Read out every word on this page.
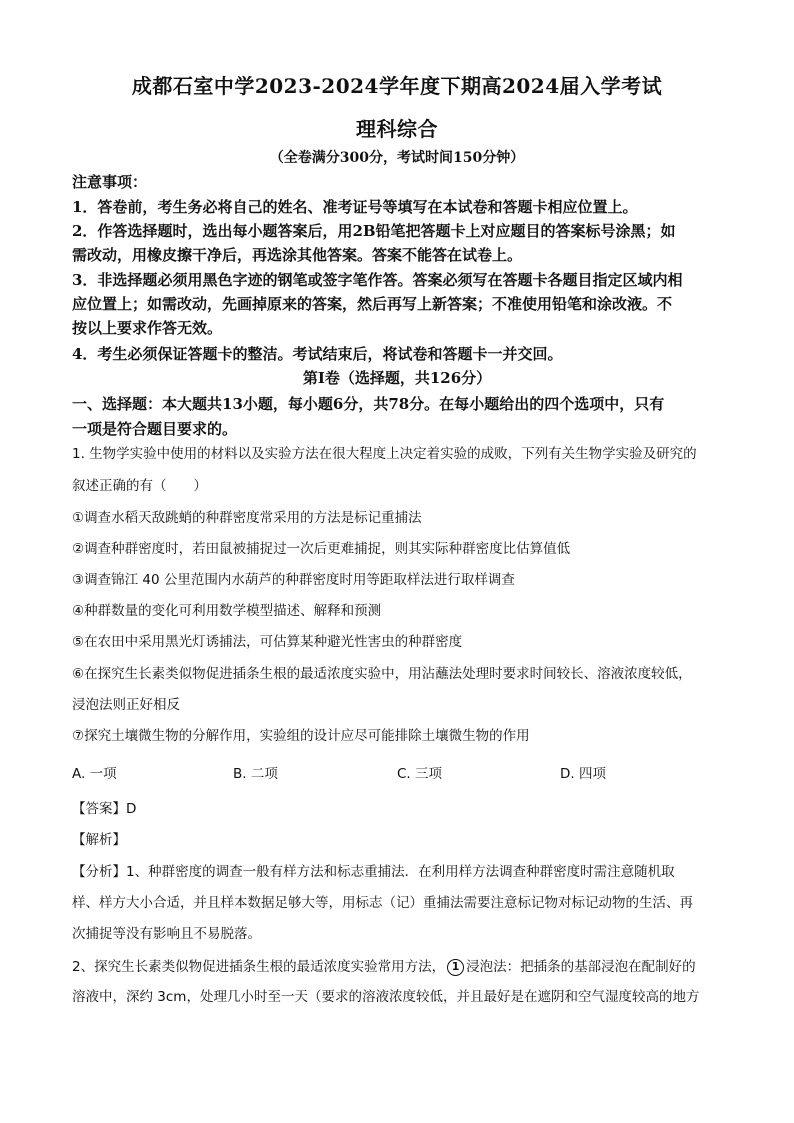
成都石室中学2023-2024学年度下期高2024届入学考试
理科综合
（全卷满分300分，考试时间150分钟）
注意事项：
1．答卷前，考生务必将自己的姓名、准考证号等填写在本试卷和答题卡相应位置上。
2．作答选择题时，选出每小题答案后，用2B铅笔把答题卡上对应题目的答案标号涂黑；如
需改动，用橡皮擦干净后，再选涂其他答案。答案不能答在试卷上。
3．非选择题必须用黑色字迹的钢笔或签字笔作答。答案必须写在答题卡各题目指定区域内相
应位置上；如需改动，先画掉原来的答案，然后再写上新答案；不准使用铅笔和涂改液。不
按以上要求作答无效。
4．考生必须保证答题卡的整洁。考试结束后，将试卷和答题卡一并交回。
第Ⅰ卷（选择题，共126分）
一、选择题：本大题共13小题，每小题6分，共78分。在每小题给出的四个选项中，只有
一项是符合题目要求的。
1. 生物学实验中使用的材料以及实验方法在很大程度上决定着实验的成败，下列有关生物学实验及研究的
叙述正确的有（　　）
①调查水稻天敌跳蛸的种群密度常采用的方法是标记重捕法
②调查种群密度时，若田鼠被捕捉过一次后更难捕捉，则其实际种群密度比估算值低
③调查锦江 40 公里范围内水葫芦的种群密度时用等距取样法进行取样调查
④种群数量的变化可利用数学模型描述、解释和预测
⑤在农田中采用黑光灯诱捕法，可估算某种避光性害虫的种群密度
⑥在探究生长素类似物促进插条生根的最适浓度实验中，用沾蘸法处理时要求时间较长、溶液浓度较低，
浸泡法则正好相反
⑦探究土壤微生物的分解作用，实验组的设计应尽可能排除土壤微生物的作用
A. 一项	B. 二项	C. 三项	D. 四项
【答案】D
【解析】
【分析】1、种群密度的调查一般有样方法和标志重捕法．在利用样方法调查种群密度时需注意随机取
样、样方大小合适，并且样本数据足够大等，用标志（记）重捕法需要注意标记物对标记动物的生活、再
次捕捉等没有影响且不易脱落。
2、探究生长素类似物促进插条生根的最适浓度实验常用方法， 1 浸泡法：把插条的基部浸泡在配制好的
溶液中，深约 3cm，处理几小时至一天（要求的溶液浓度较低，并且最好是在遮阴和空气湿度较高的地方
